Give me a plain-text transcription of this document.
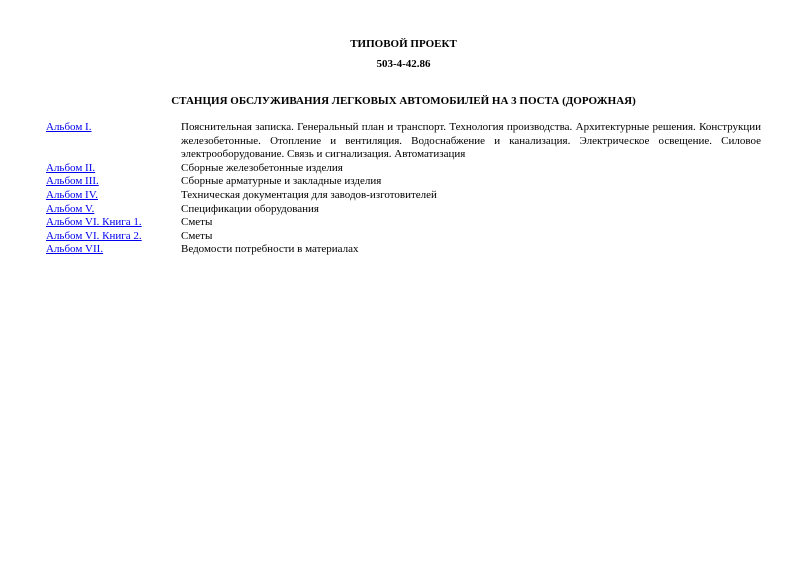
ТИПОВОЙ ПРОЕКТ
503-4-42.86
СТАНЦИЯ ОБСЛУЖИВАНИЯ ЛЕГКОВЫХ АВТОМОБИЛЕЙ НА 3 ПОСТА (ДОРОЖНАЯ)
Альбом I.	Пояснительная записка. Генеральный план и транспорт. Технология производства. Архитектурные решения. Конструкции железобетонные. Отопление и вентиляция. Водоснабжение и канализация. Электрическое освещение. Силовое электрооборудование. Связь и сигнализация. Автоматизация
Альбом II.	Сборные железобетонные изделия
Альбом III.	Сборные арматурные и закладные изделия
Альбом IV.	Техническая документация для заводов-изготовителей
Альбом V.	Спецификации оборудования
Альбом VI. Книга 1.	Сметы
Альбом VI. Книга 2.	Сметы
Альбом VII.	Ведомости потребности в материалах
